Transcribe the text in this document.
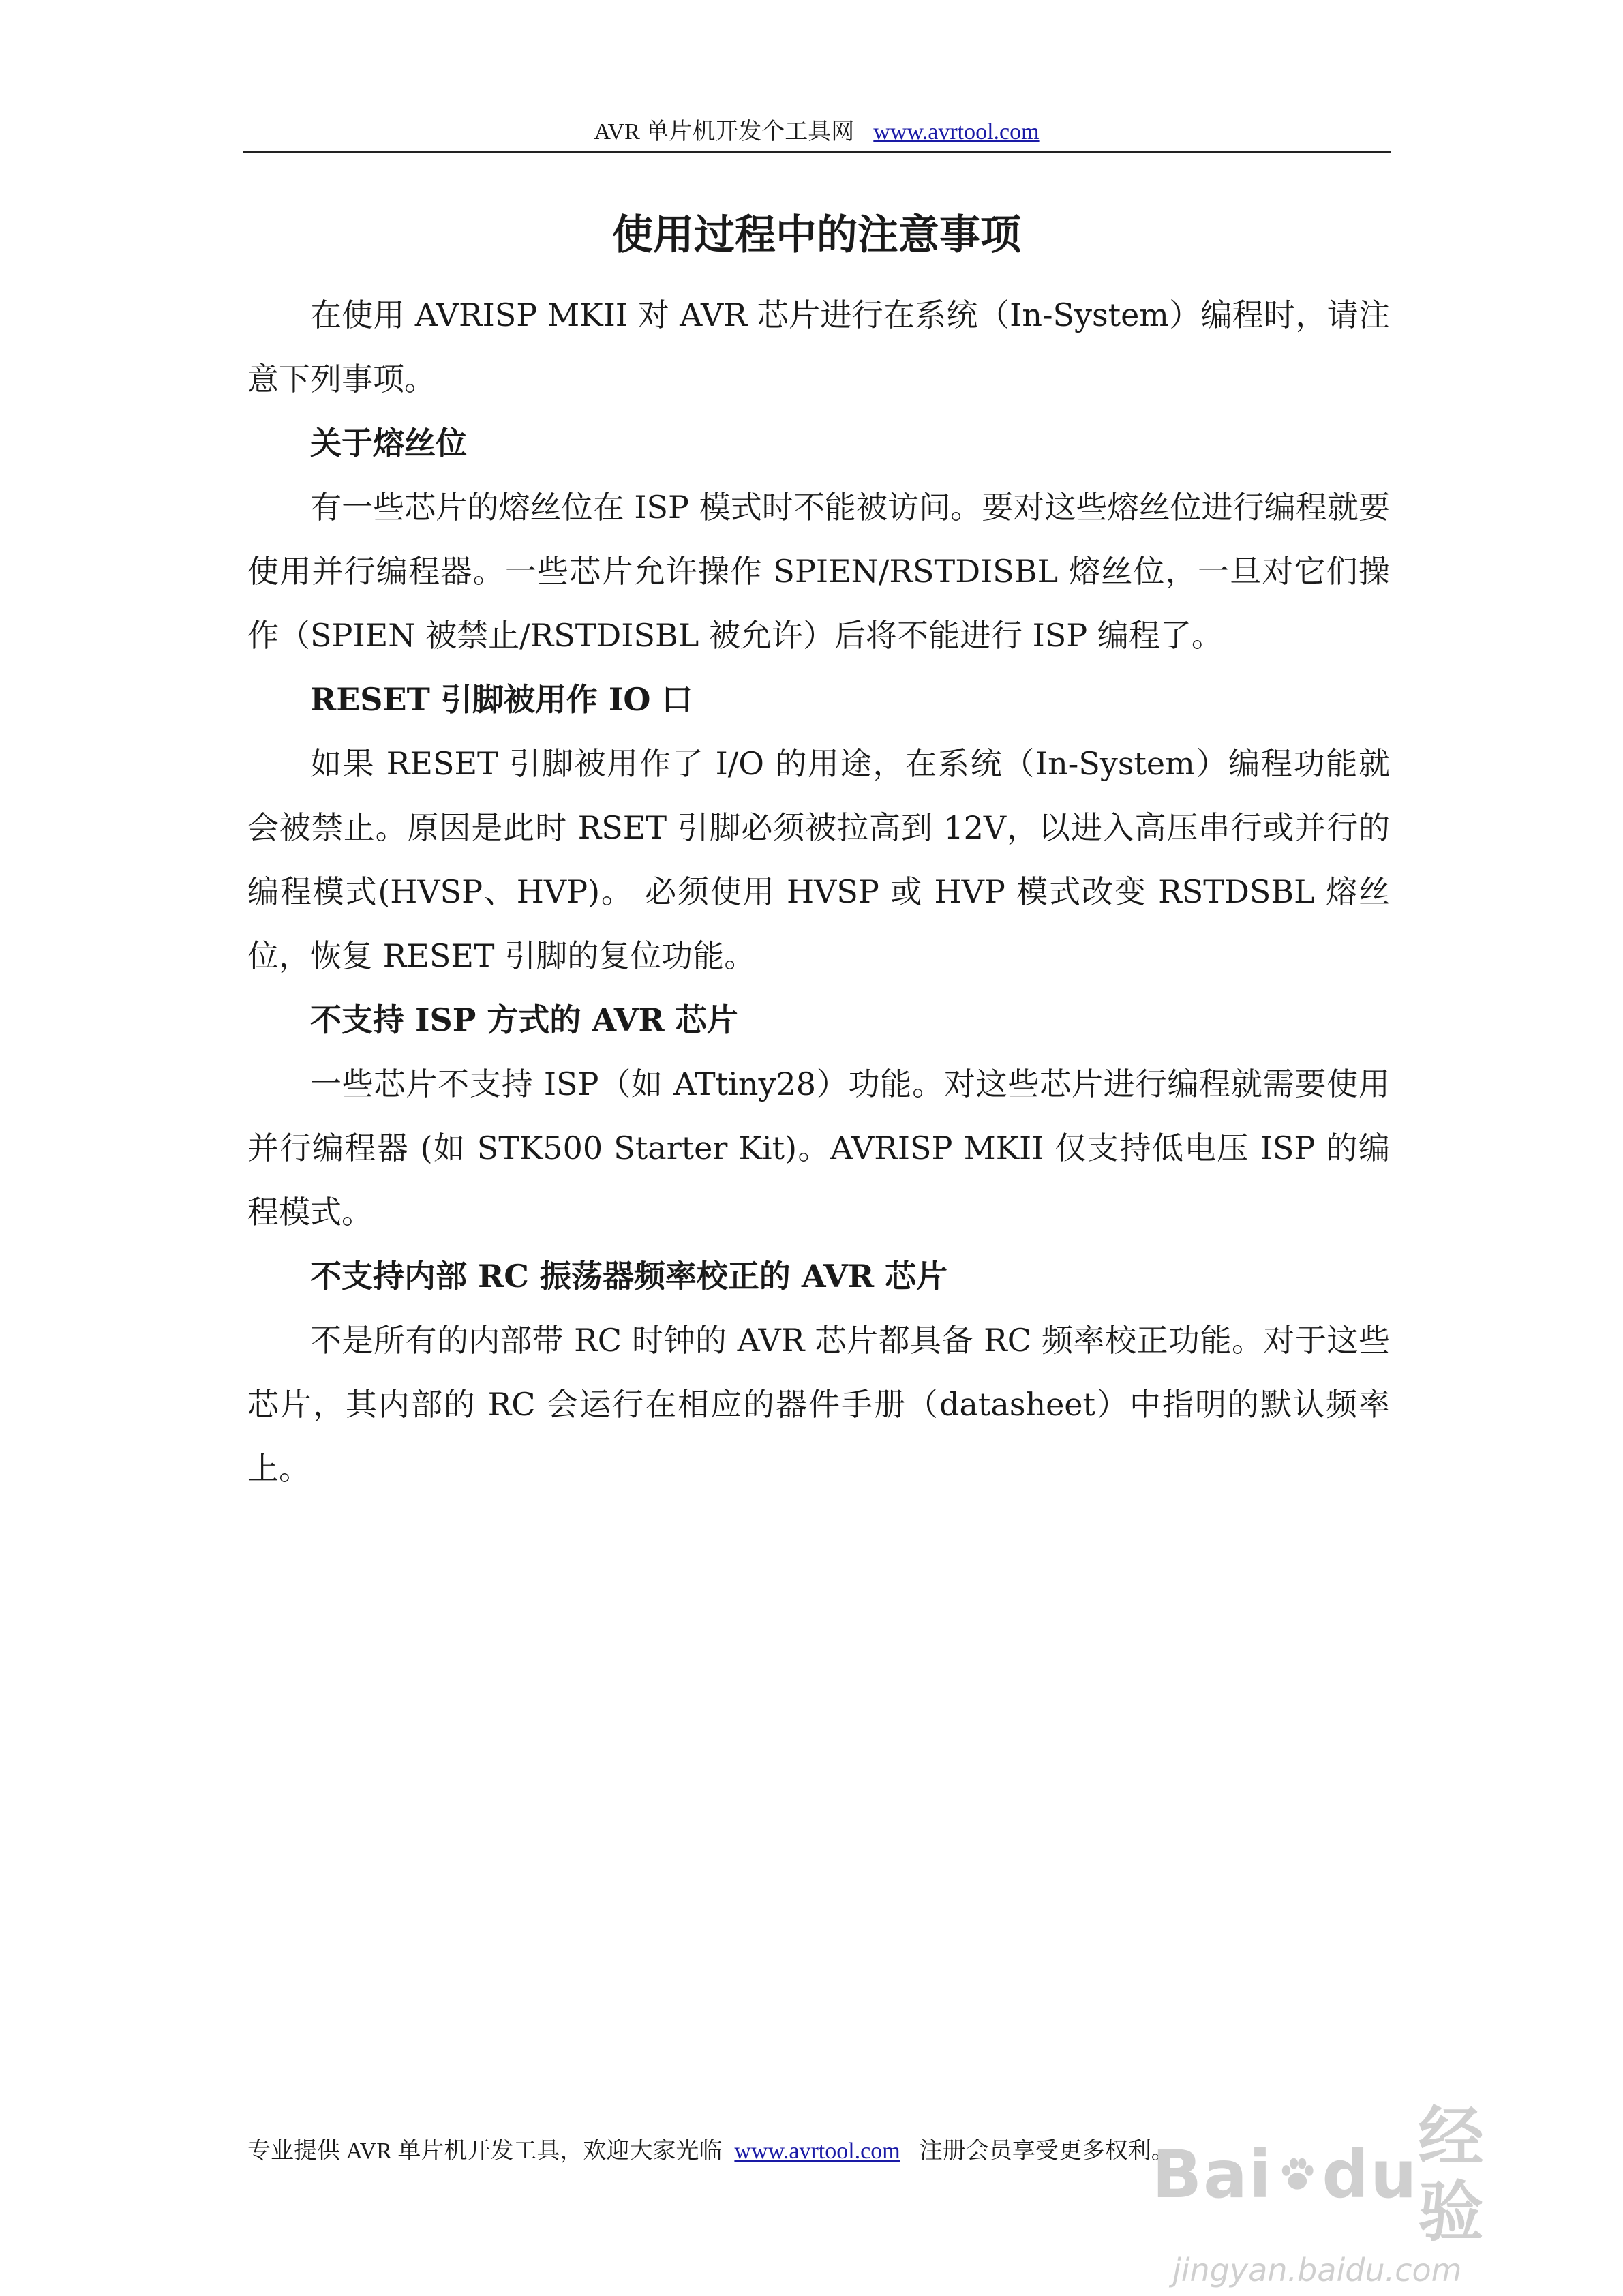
AVR 单片机开发个工具网 www.avrtool.com
使用过程中的注意事项

在使用 AVRISP MKII 对 AVR 芯片进行在系统（In-System）编程时，请注意下列事项。

关于熔丝位

有一些芯片的熔丝位在 ISP 模式时不能被访问。要对这些熔丝位进行编程就要使用并行编程器。一些芯片允许操作 SPIEN/RSTDISBL 熔丝位，一旦对它们操作（SPIEN 被禁止/RSTDISBL 被允许）后将不能进行 ISP 编程了。

RESET 引脚被用作 IO 口

如果 RESET 引脚被用作了 I/O 的用途，在系统（In-System）编程功能就会被禁止。原因是此时 RSET 引脚必须被拉高到 12V，以进入高压串行或并行的编程模式(HVSP、HVP)。 必须使用 HVSP 或 HVP 模式改变 RSTDSBL 熔丝位，恢复 RESET 引脚的复位功能。

不支持 ISP 方式的 AVR 芯片

一些芯片不支持 ISP（如 ATtiny28）功能。对这些芯片进行编程就需要使用并行编程器 (如 STK500 Starter Kit)。AVRISP MKII 仅支持低电压 ISP 的编程模式。

不支持内部 RC 振荡器频率校正的 AVR 芯片

不是所有的内部带 RC 时钟的 AVR 芯片都具备 RC 频率校正功能。对于这些芯片，其内部的 RC 会运行在相应的器件手册（datasheet）中指明的默认频率上。

专业提供 AVR 单片机开发工具，欢迎大家光临 www.avrtool.com 注册会员享受更多权利。
Bai du 经验
jingyan.baidu.com
